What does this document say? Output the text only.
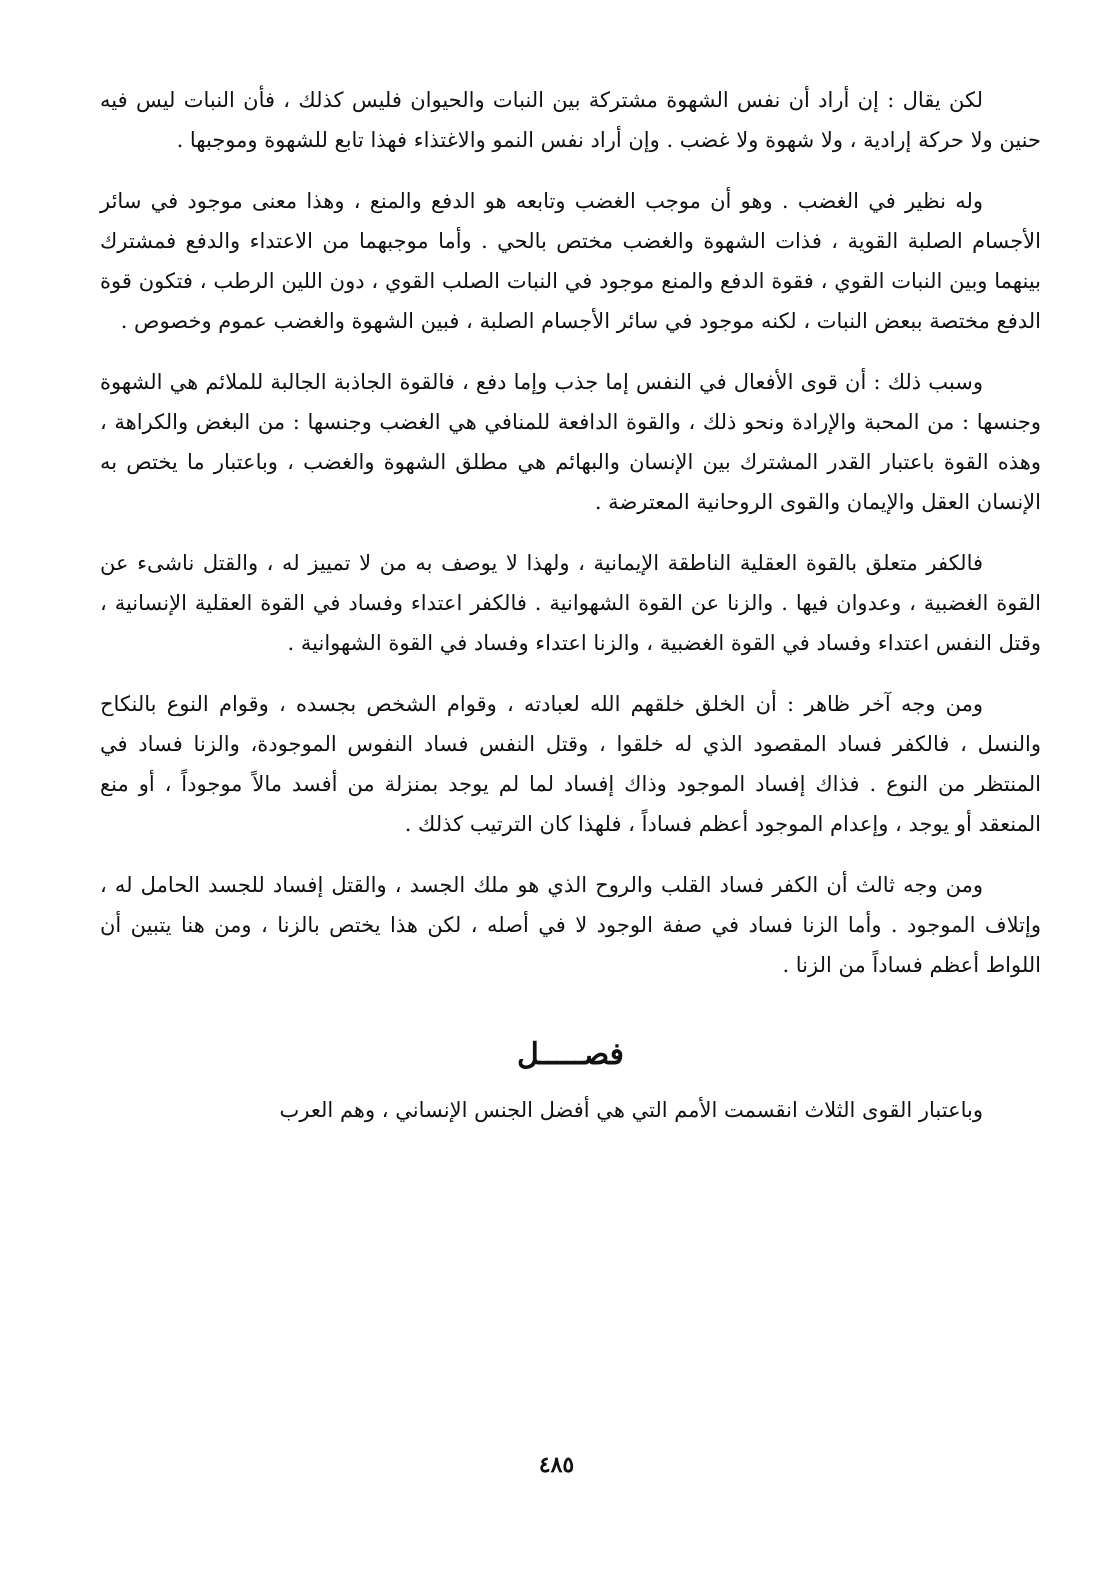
لكن يقال : إن أراد أن نفس الشهوة مشتركة بين النبات والحيوان فليس كذلك ، فأن النبات ليس فيه حنين ولا حركة إرادية ، ولا شهوة ولا غضب . وإن أراد نفس النمو والاغتذاء فهذا تابع للشهوة وموجبها .

وله نظير في الغضب . وهو أن موجب الغضب وتابعه هو الدفع والمنع ، وهذا معنى موجود في سائر الأجسام الصلبة القوية ، فذات الشهوة والغضب مختص بالحي . وأما موجبهما من الاعتداء والدفع فمشترك بينهما وبين النبات القوي ، فقوة الدفع والمنع موجود في النبات الصلب القوي ، دون اللين الرطب ، فتكون قوة الدفع مختصة ببعض النبات ، لكنه موجود في سائر الأجسام الصلبة ، فبين الشهوة والغضب عموم وخصوص .

وسبب ذلك : أن قوى الأفعال في النفس إما جذب وإما دفع ، فالقوة الجاذبة الجالبة للملائم هي الشهوة وجنسها : من المحبة والإرادة ونحو ذلك ، والقوة الدافعة للمنافي هي الغضب وجنسها : من البغض والكراهة ، وهذه القوة باعتبار القدر المشترك بين الإنسان والبهائم هي مطلق الشهوة والغضب ، وباعتبار ما يختص به الإنسان العقل والإيمان والقوى الروحانية المعترضة .

فالكفر متعلق بالقوة العقلية الناطقة الإيمانية ، ولهذا لا يوصف به من لا تمييز له ، والقتل ناشىء عن القوة الغضبية ، وعدوان فيها . والزنا عن القوة الشهوانية . فالكفر اعتداء وفساد في القوة العقلية الإنسانية ، وقتل النفس اعتداء وفساد في القوة الغضبية ، والزنا اعتداء وفساد في القوة الشهوانية .

ومن وجه آخر ظاهر : أن الخلق خلقهم الله لعبادته ، وقوام الشخص بجسده ، وقوام النوع بالنكاح والنسل ، فالكفر فساد المقصود الذي له خلقوا ، وقتل النفس فساد النفوس الموجودة، والزنا فساد في المنتظر من النوع . فذاك إفساد الموجود وذاك إفساد لما لم يوجد بمنزلة من أفسد مالاً موجوداً ، أو منع المنعقد أو يوجد ، وإعدام الموجود أعظم فساداً ، فلهذا كان الترتيب كذلك .

ومن وجه ثالث أن الكفر فساد القلب والروح الذي هو ملك الجسد ، والقتل إفساد للجسد الحامل له ، وإتلاف الموجود . وأما الزنا فساد في صفة الوجود لا في أصله ، لكن هذا يختص بالزنا ، ومن هنا يتبين أن اللواط أعظم فساداً من الزنا .

فصـــــل

وباعتبار القوى الثلاث انقسمت الأمم التي هي أفضل الجنس الإنساني ، وهم العرب

٤٨٥
